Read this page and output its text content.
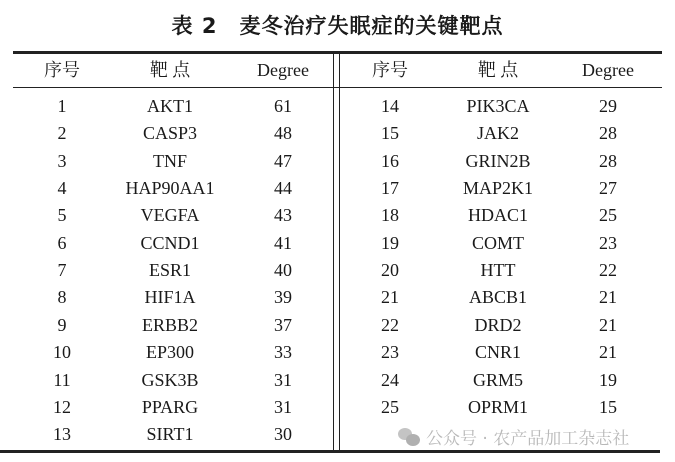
表 2　麦冬治疗失眠症的关键靶点
序号	靶 点	Degree	序号	靶 点	Degree
1	AKT1	61
2	CASP3	48
3	TNF	47
4	HAP90AA1	44
5	VEGFA	43
6	CCND1	41
7	ESR1	40
8	HIF1A	39
9	ERBB2	37
10	EP300	33
11	GSK3B	31
12	PPARG	31
13	SIRT1	30
14	PIK3CA	29
15	JAK2	28
16	GRIN2B	28
17	MAP2K1	27
18	HDAC1	25
19	COMT	23
20	HTT	22
21	ABCB1	21
22	DRD2	21
23	CNR1	21
24	GRM5	19
25	OPRM1	15
公众号 · 农产品加工杂志社
